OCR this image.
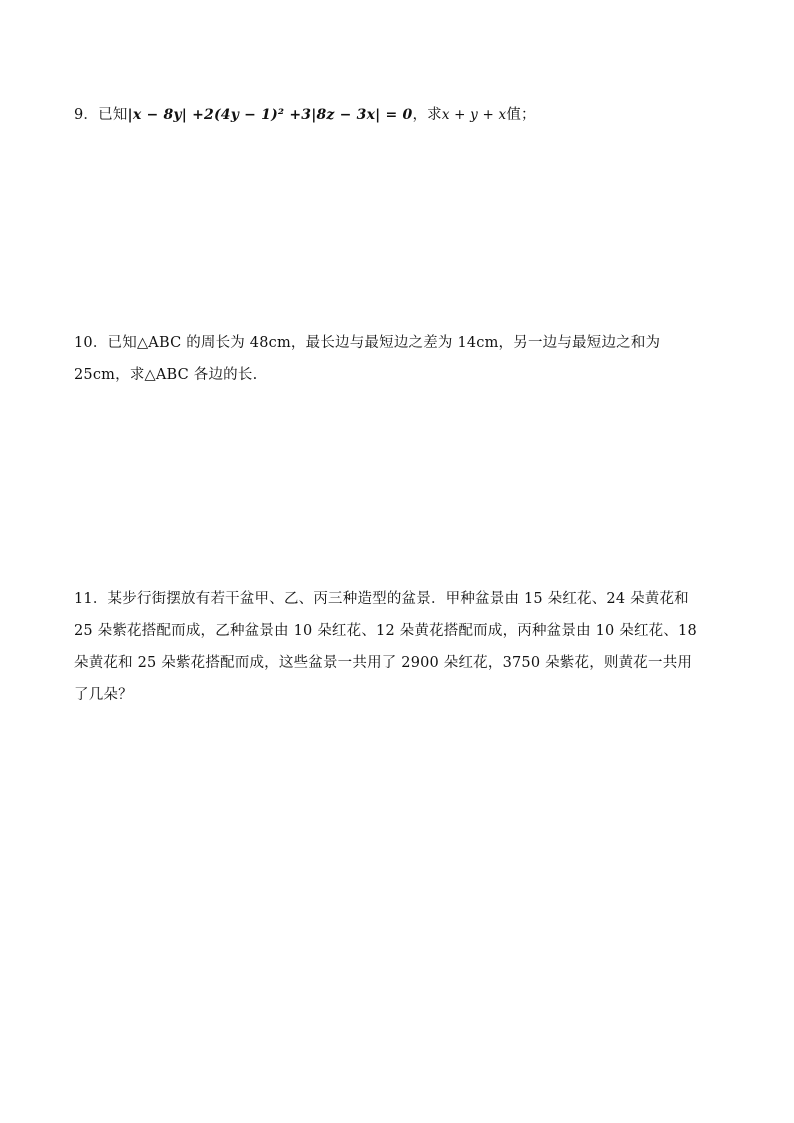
9．已知|x − 8y| +2(4y − 1)² +3|8z − 3x| = 0，求x + y + x值；
10．已知△ABC 的周长为 48cm，最长边与最短边之差为 14cm，另一边与最短边之和为
25cm，求△ABC 各边的长.
11．某步行街摆放有若干盆甲、乙、丙三种造型的盆景．甲种盆景由 15 朵红花、24 朵黄花和
25 朵紫花搭配而成，乙种盆景由 10 朵红花、12 朵黄花搭配而成，丙种盆景由 10 朵红花、18
朵黄花和 25 朵紫花搭配而成，这些盆景一共用了 2900 朵红花，3750 朵紫花，则黄花一共用
了几朵？
